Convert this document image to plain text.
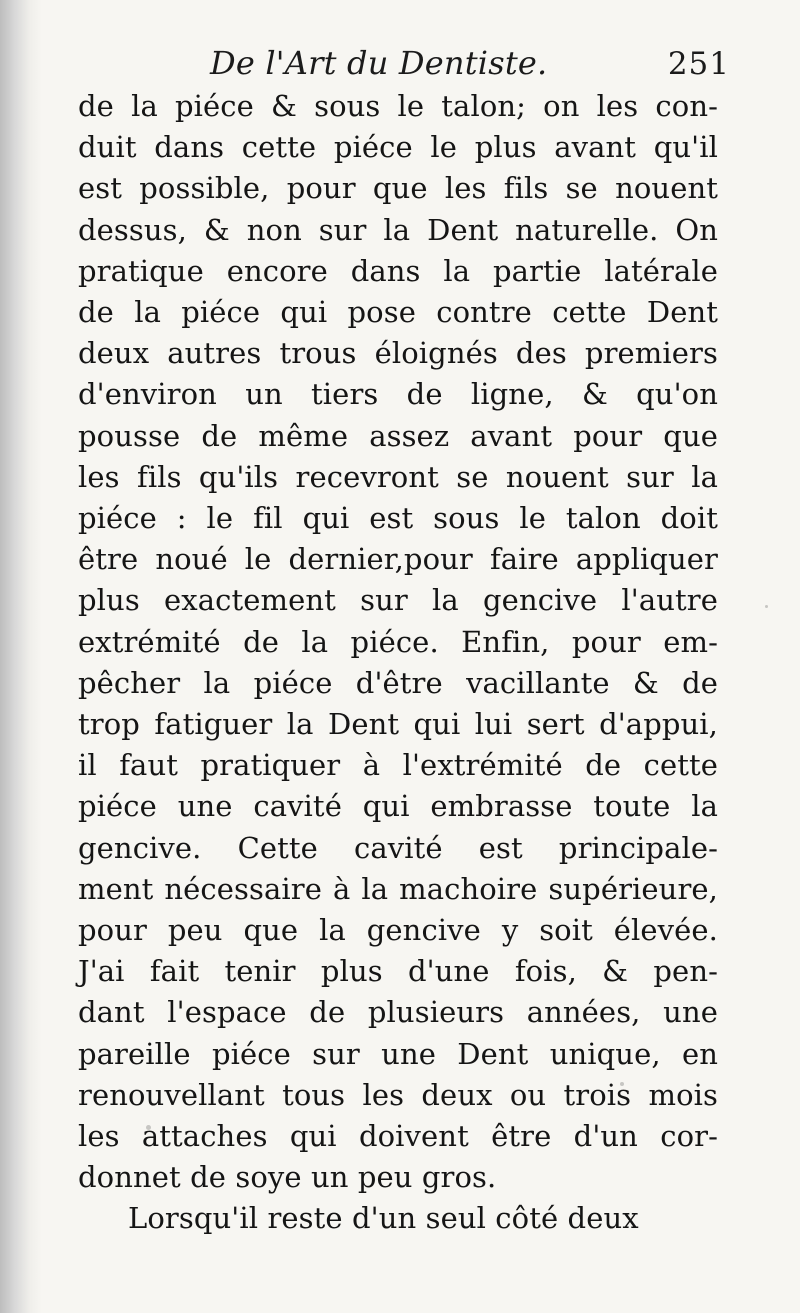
De l'Art du Dentiste.	251
de la piéce & sous le talon; on les con-
duit dans cette piéce le plus avant qu'il
est possible, pour que les fils se nouent
dessus, & non sur la Dent naturelle. On
pratique encore dans la partie latérale
de la piéce qui pose contre cette Dent
deux autres trous éloignés des premiers
d'environ un tiers de ligne, & qu'on
pousse de même assez avant pour que
les fils qu'ils recevront se nouent sur la
piéce : le fil qui est sous le talon doit
être noué le dernier,pour faire appliquer
plus exactement sur la gencive l'autre
extrémité de la piéce. Enfin, pour em-
pêcher la piéce d'être vacillante & de
trop fatiguer la Dent qui lui sert d'appui,
il faut pratiquer à l'extrémité de cette
piéce une cavité qui embrasse toute la
gencive. Cette cavité est principale-
ment nécessaire à la machoire supérieure,
pour peu que la gencive y soit élevée.
J'ai fait tenir plus d'une fois, & pen-
dant l'espace de plusieurs années, une
pareille piéce sur une Dent unique, en
renouvellant tous les deux ou trois mois
les attaches qui doivent être d'un cor-
donnet de soye un peu gros.
Lorsqu'il reste d'un seul côté deux
